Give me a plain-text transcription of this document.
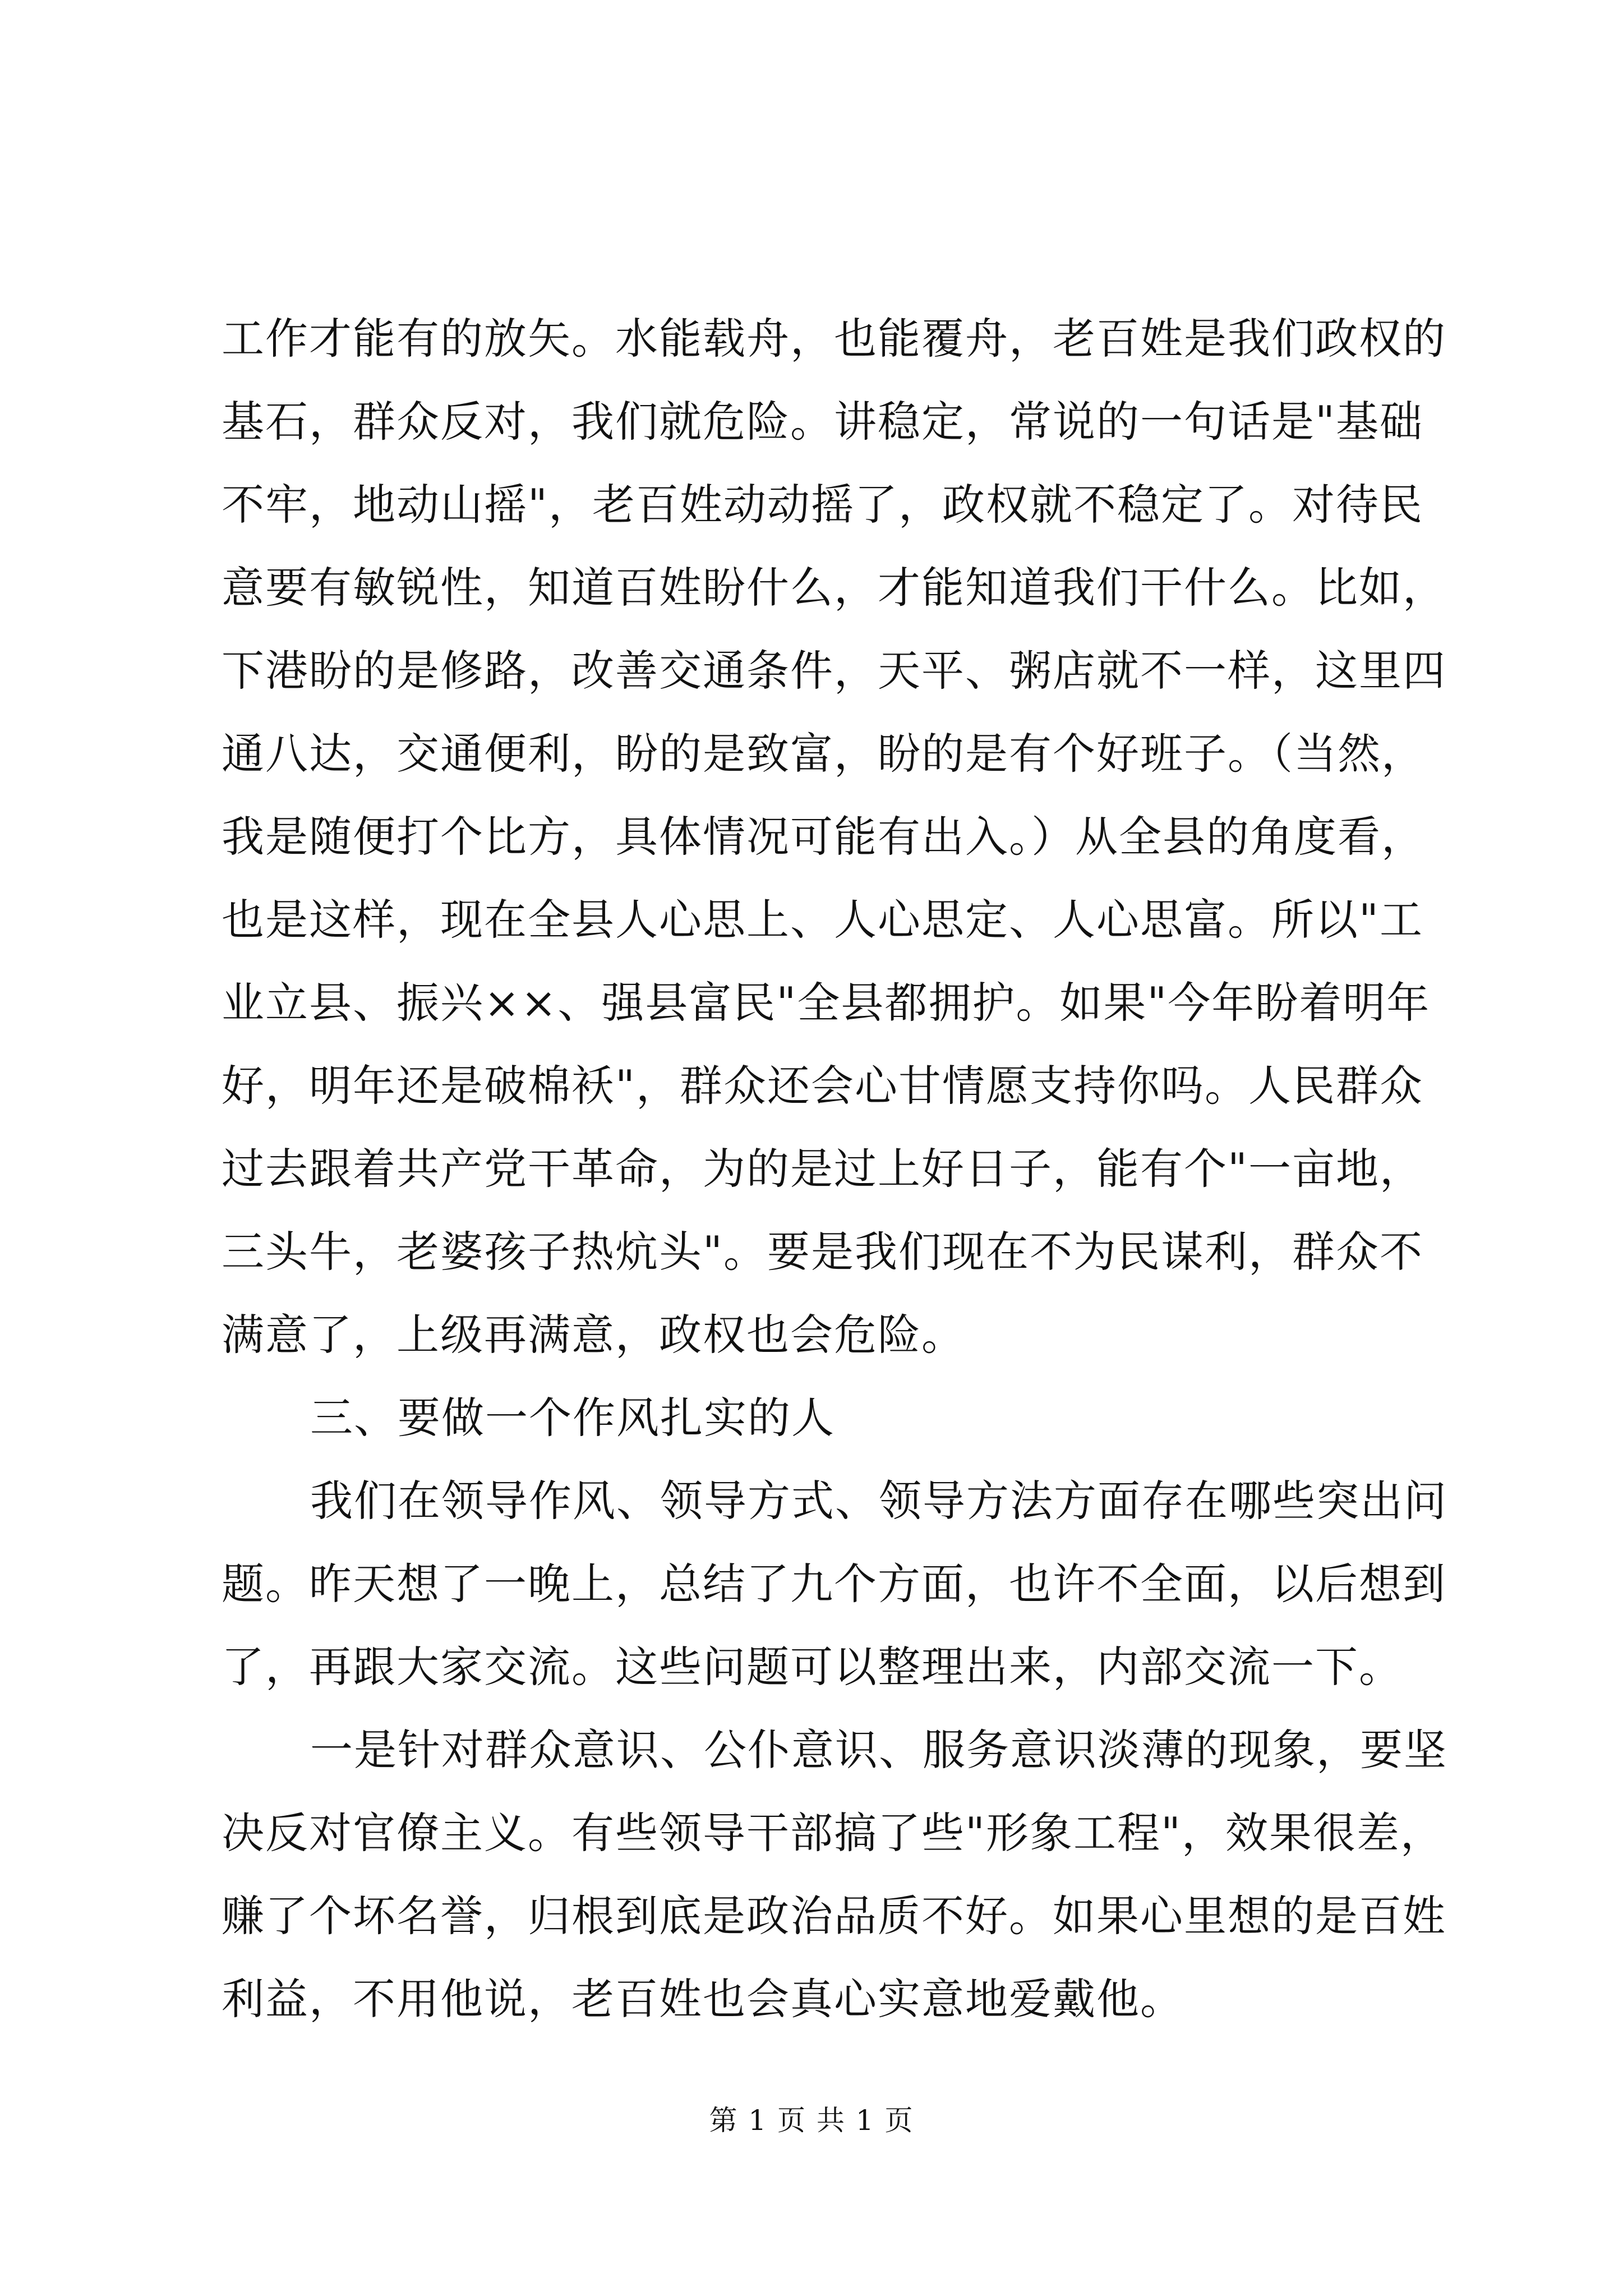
工作才能有的放矢。水能载舟，也能覆舟，老百姓是我们政权的
基石，群众反对，我们就危险。讲稳定，常说的一句话是"基础
不牢，地动山摇"，老百姓动动摇了，政权就不稳定了。对待民
意要有敏锐性，知道百姓盼什么，才能知道我们干什么。比如，
下港盼的是修路，改善交通条件，天平、粥店就不一样，这里四
通八达，交通便利，盼的是致富，盼的是有个好班子。（当然，
我是随便打个比方，具体情况可能有出入。）从全县的角度看，
也是这样，现在全县人心思上、人心思定、人心思富。所以"工
业立县、振兴××、强县富民"全县都拥护。如果"今年盼着明年
好，明年还是破棉袄"，群众还会心甘情愿支持你吗。人民群众
过去跟着共产党干革命，为的是过上好日子，能有个"一亩地，
三头牛，老婆孩子热炕头"。要是我们现在不为民谋利，群众不
满意了，上级再满意，政权也会危险。
三、要做一个作风扎实的人
我们在领导作风、领导方式、领导方法方面存在哪些突出问
题。昨天想了一晚上，总结了九个方面，也许不全面，以后想到
了，再跟大家交流。这些问题可以整理出来，内部交流一下。
一是针对群众意识、公仆意识、服务意识淡薄的现象，要坚
决反对官僚主义。有些领导干部搞了些"形象工程"，效果很差，
赚了个坏名誉，归根到底是政治品质不好。如果心里想的是百姓
利益，不用他说，老百姓也会真心实意地爱戴他。
第 1 页 共 1 页
